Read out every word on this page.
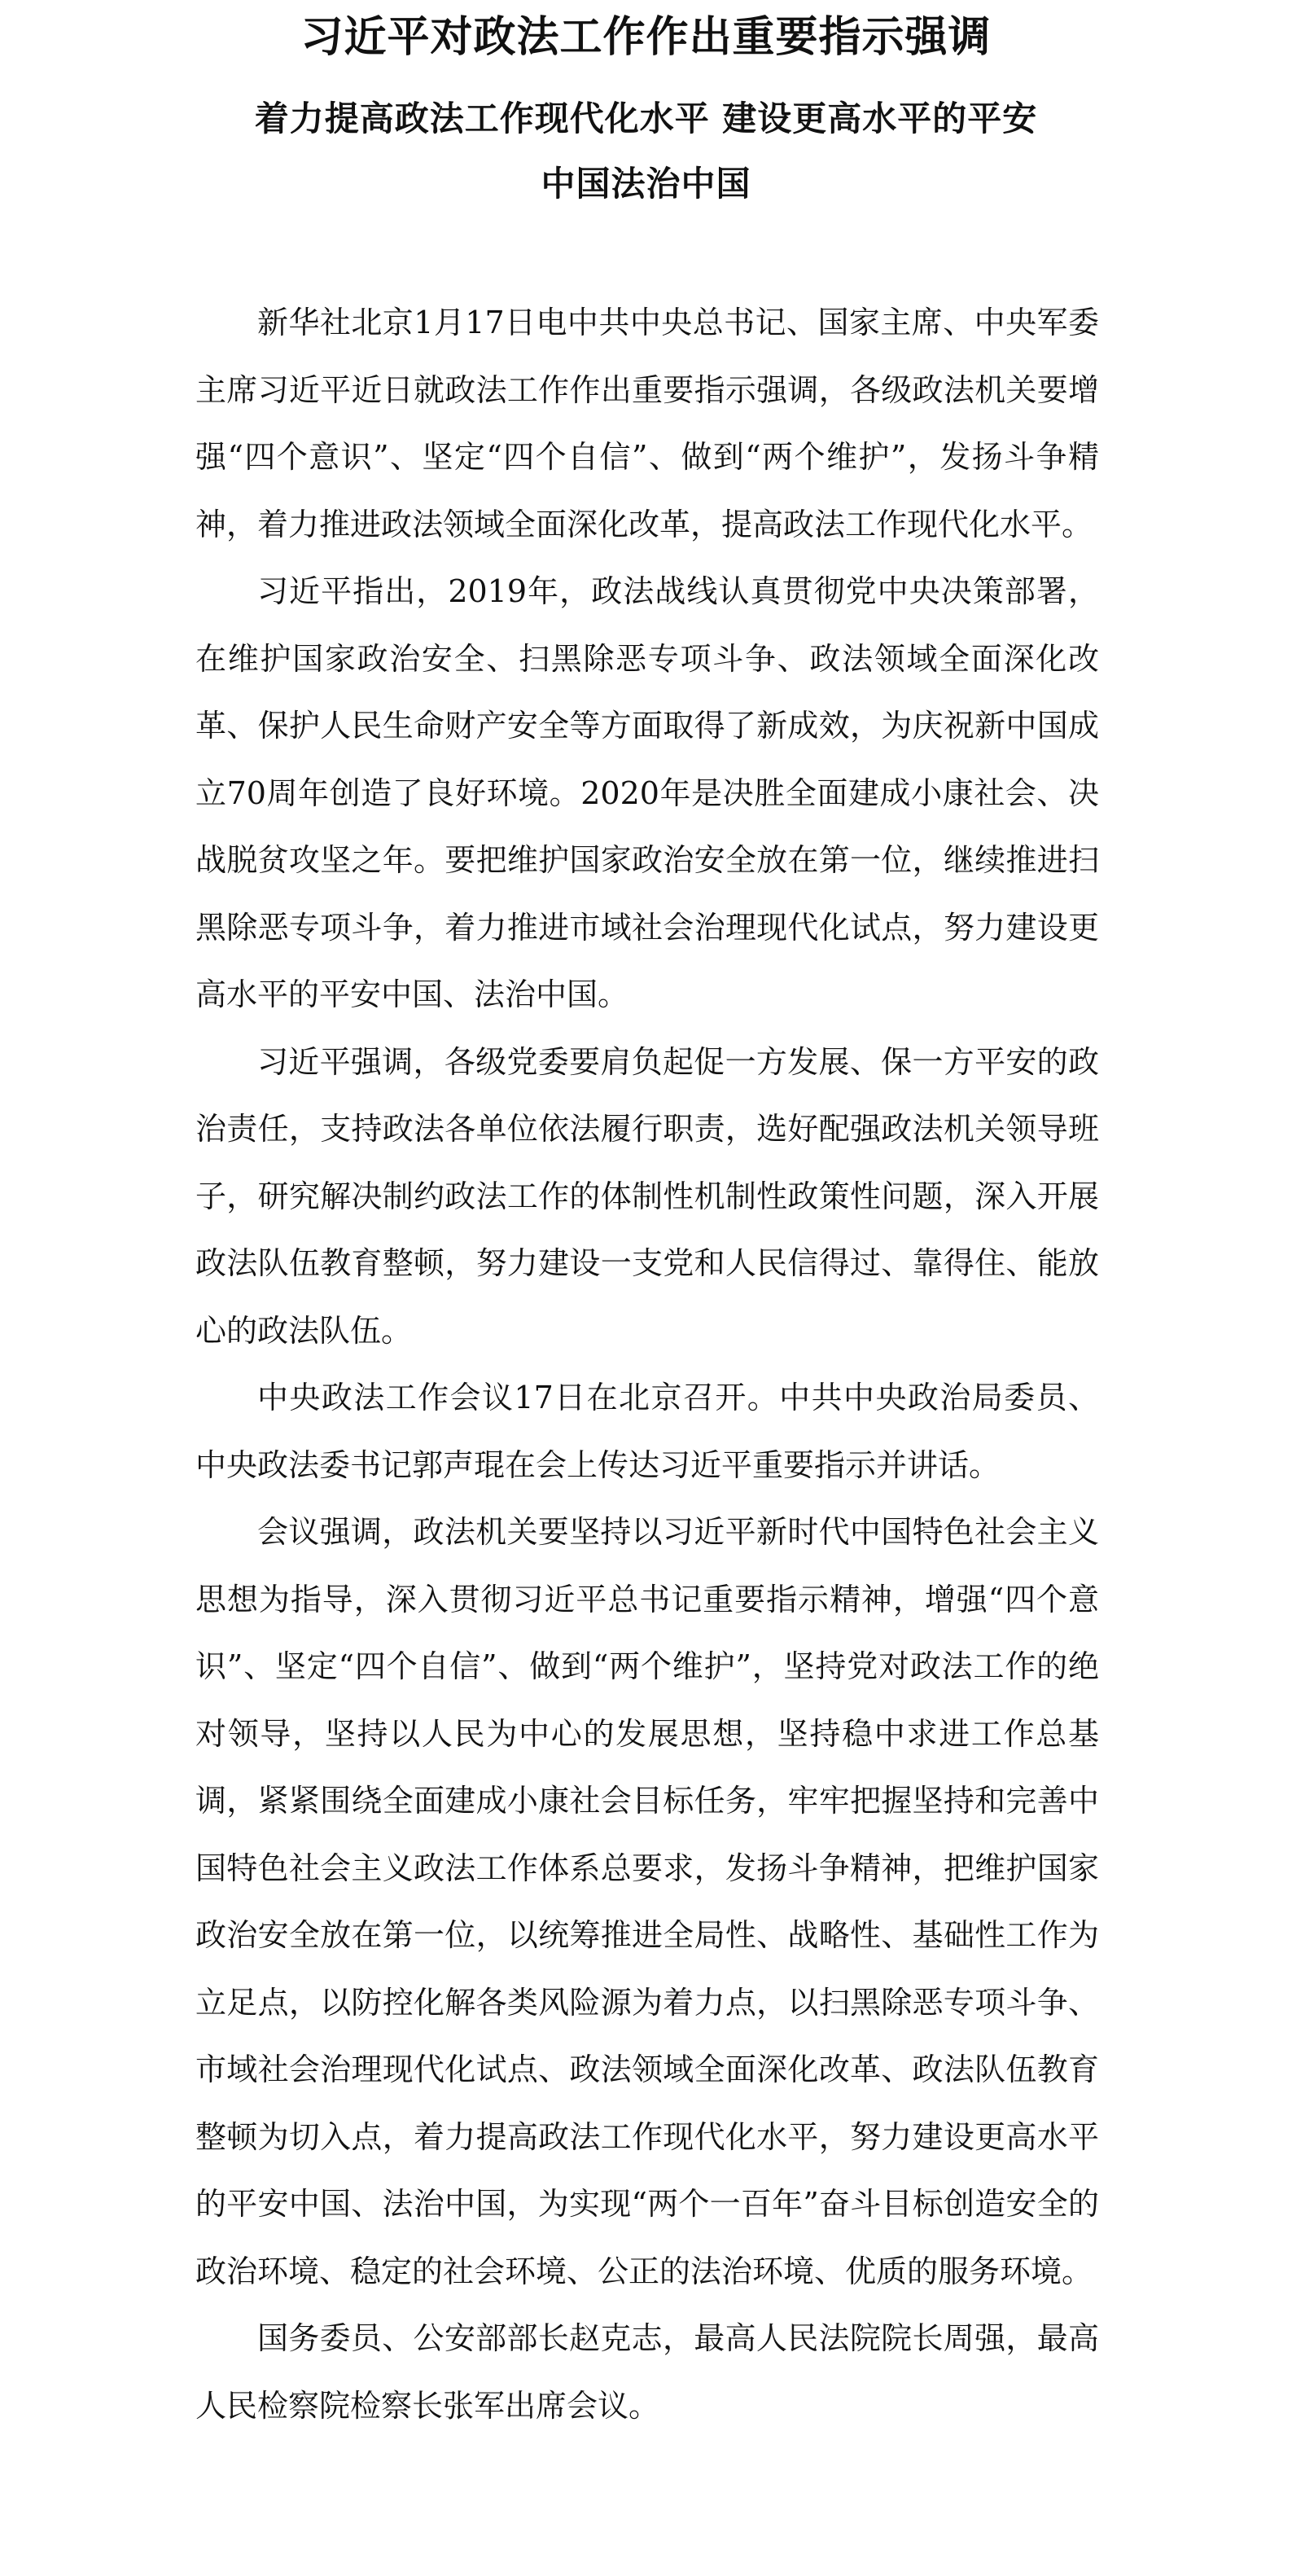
习近平对政法工作作出重要指示强调
着力提高政法工作现代化水平 建设更高水平的平安
中国法治中国

新华社北京1月17日电中共中央总书记、国家主席、中央军委主席习近平近日就政法工作作出重要指示强调，各级政法机关要增强“四个意识”、坚定“四个自信”、做到“两个维护”，发扬斗争精神，着力推进政法领域全面深化改革，提高政法工作现代化水平。

习近平指出，2019年，政法战线认真贯彻党中央决策部署，在维护国家政治安全、扫黑除恶专项斗争、政法领域全面深化改革、保护人民生命财产安全等方面取得了新成效，为庆祝新中国成立70周年创造了良好环境。2020年是决胜全面建成小康社会、决战脱贫攻坚之年。要把维护国家政治安全放在第一位，继续推进扫黑除恶专项斗争，着力推进市域社会治理现代化试点，努力建设更高水平的平安中国、法治中国。

习近平强调，各级党委要肩负起促一方发展、保一方平安的政治责任，支持政法各单位依法履行职责，选好配强政法机关领导班子，研究解决制约政法工作的体制性机制性政策性问题，深入开展政法队伍教育整顿，努力建设一支党和人民信得过、靠得住、能放心的政法队伍。

中央政法工作会议17日在北京召开。中共中央政治局委员、中央政法委书记郭声琨在会上传达习近平重要指示并讲话。

会议强调，政法机关要坚持以习近平新时代中国特色社会主义思想为指导，深入贯彻习近平总书记重要指示精神，增强“四个意识”、坚定“四个自信”、做到“两个维护”，坚持党对政法工作的绝对领导，坚持以人民为中心的发展思想，坚持稳中求进工作总基调，紧紧围绕全面建成小康社会目标任务，牢牢把握坚持和完善中国特色社会主义政法工作体系总要求，发扬斗争精神，把维护国家政治安全放在第一位，以统筹推进全局性、战略性、基础性工作为立足点，以防控化解各类风险源为着力点，以扫黑除恶专项斗争、市域社会治理现代化试点、政法领域全面深化改革、政法队伍教育整顿为切入点，着力提高政法工作现代化水平，努力建设更高水平的平安中国、法治中国，为实现“两个一百年”奋斗目标创造安全的政治环境、稳定的社会环境、公正的法治环境、优质的服务环境。

国务委员、公安部部长赵克志，最高人民法院院长周强，最高人民检察院检察长张军出席会议。
